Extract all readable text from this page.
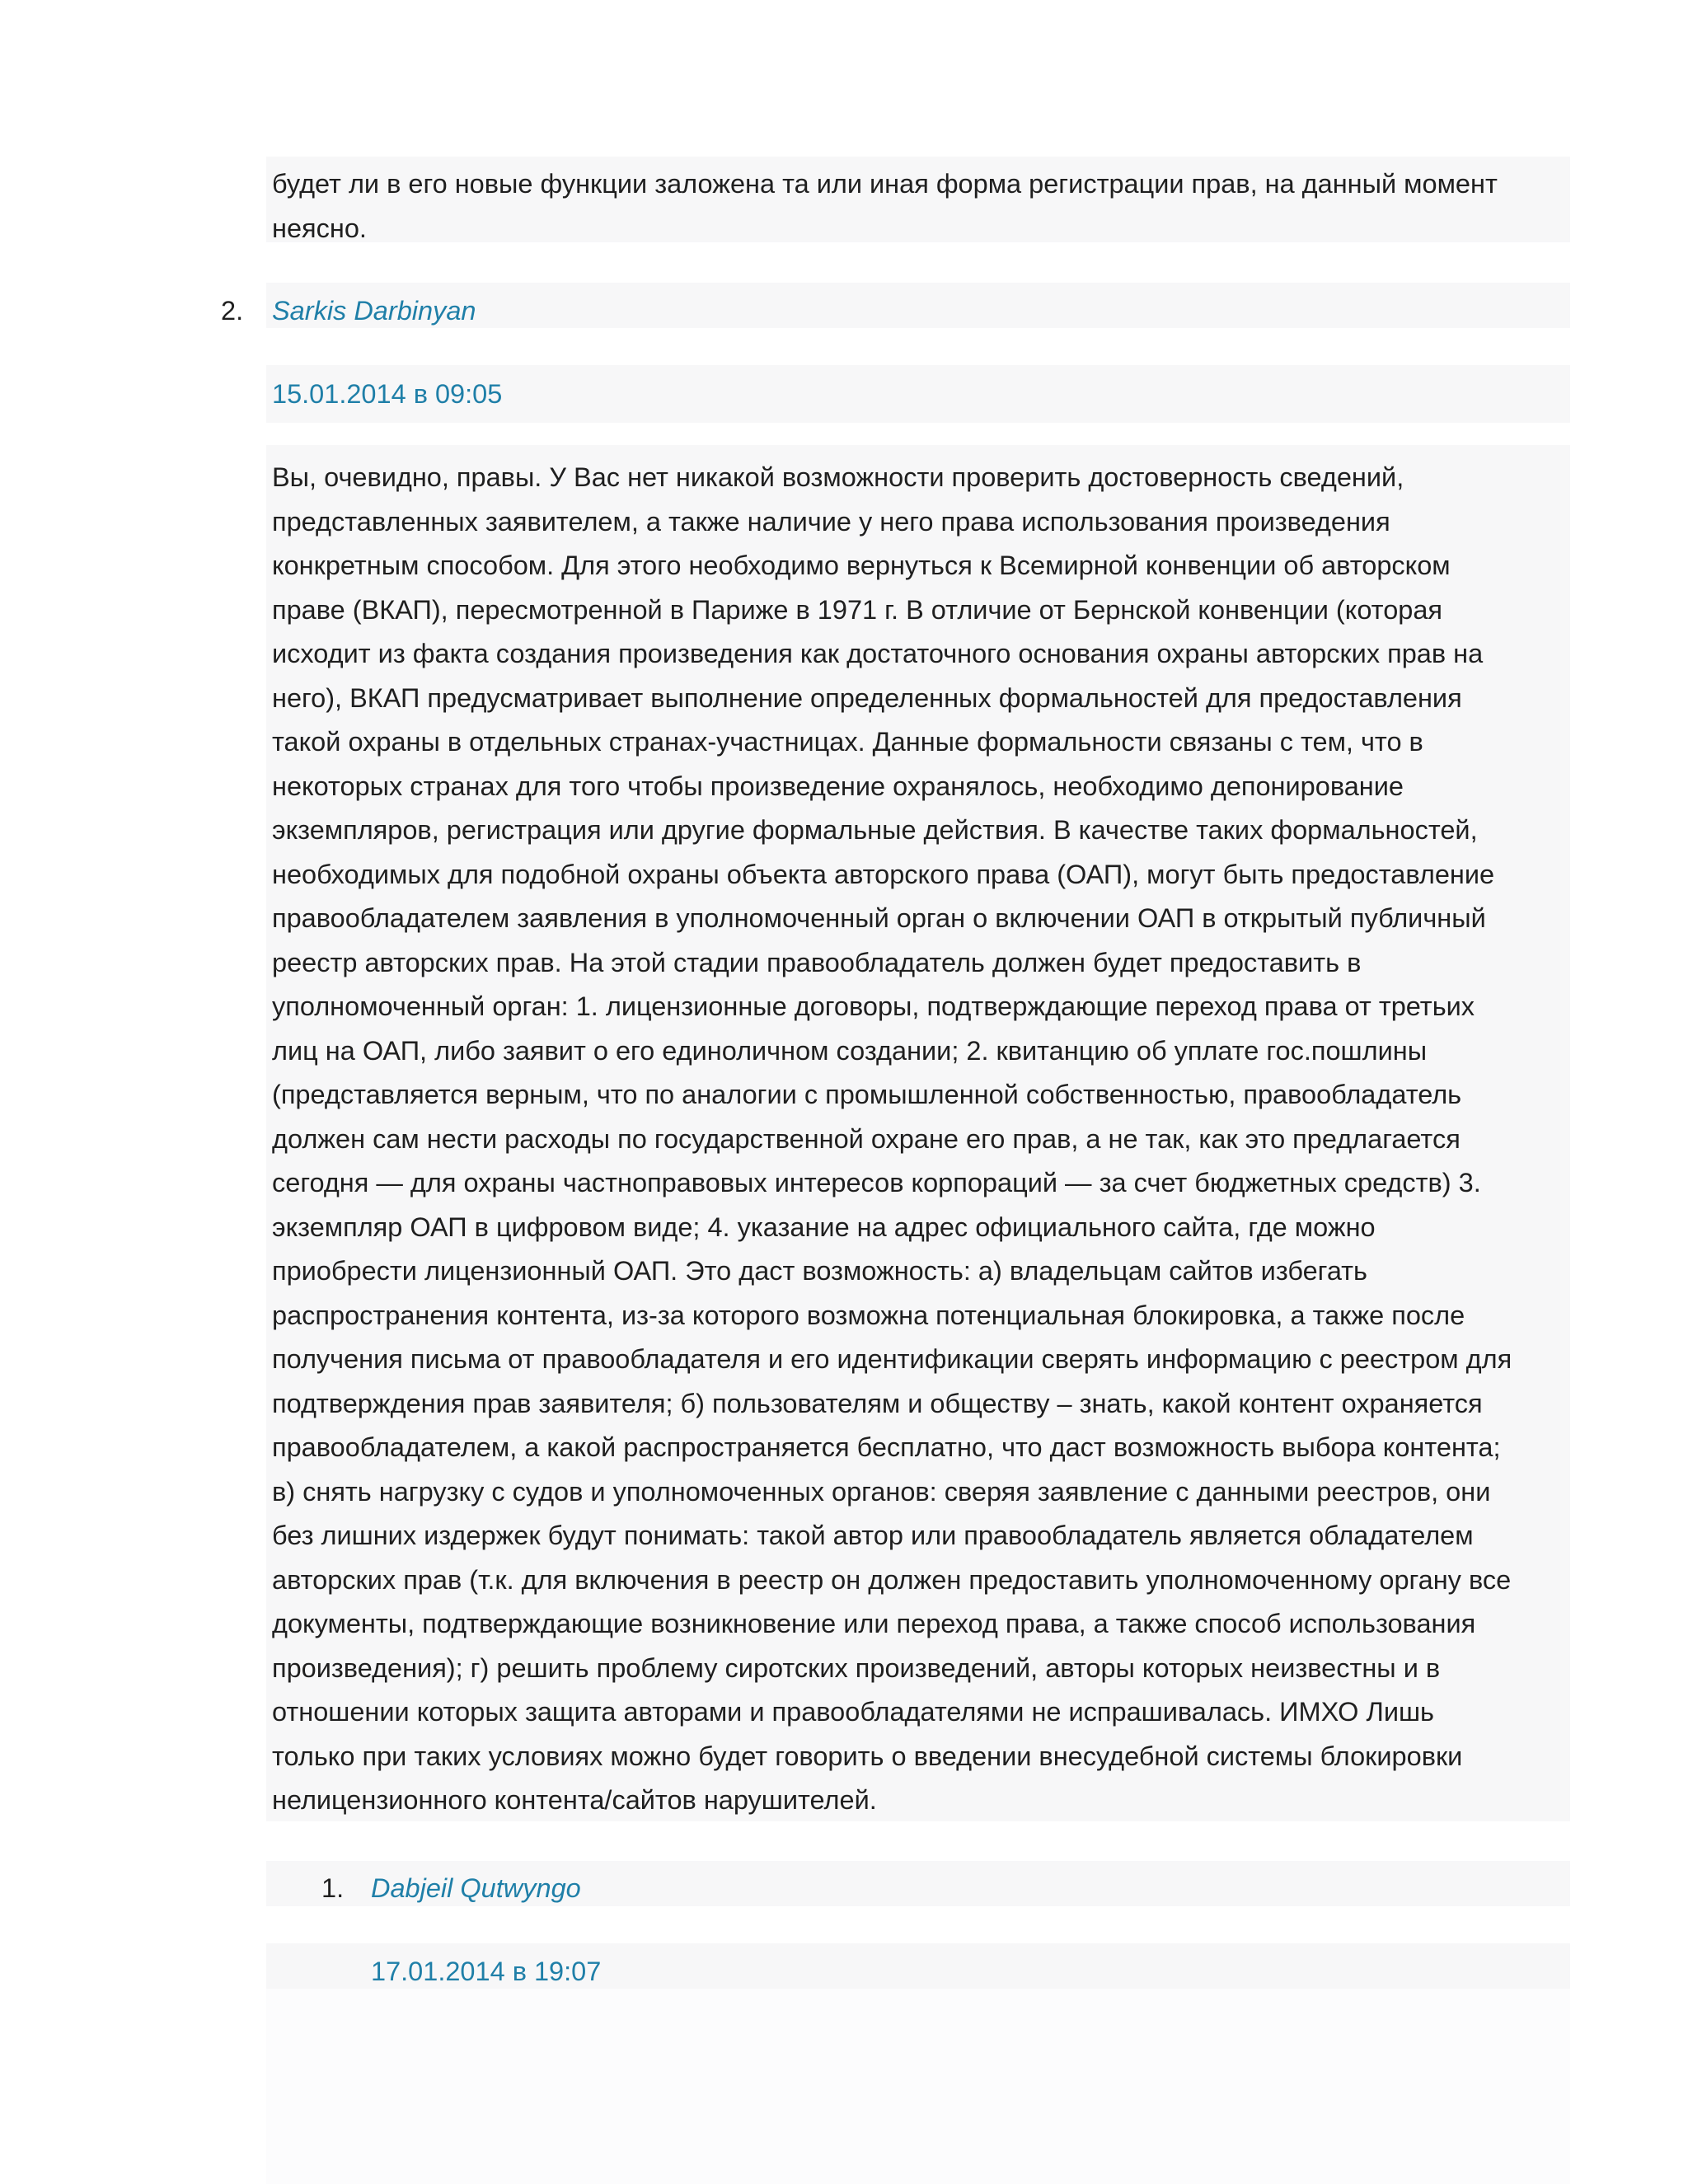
будет ли в его новые функции заложена та или иная форма регистрации прав, на данный момент
неясно.
2. Sarkis Darbinyan
15.01.2014 в 09:05
Вы, очевидно, правы. У Вас нет никакой возможности проверить достоверность сведений,
представленных заявителем, а также наличие у него права использования произведения
конкретным способом. Для этого необходимо вернуться к Всемирной конвенции об авторском
праве (ВКАП), пересмотренной в Париже в 1971 г. В отличие от Бернской конвенции (которая
исходит из факта создания произведения как достаточного основания охраны авторских прав на
него), ВКАП предусматривает выполнение определенных формальностей для предоставления
такой охраны в отдельных странах-участницах. Данные формальности связаны с тем, что в
некоторых странах для того чтобы произведение охранялось, необходимо депонирование
экземпляров, регистрация или другие формальные действия. В качестве таких формальностей,
необходимых для подобной охраны объекта авторского права (ОАП), могут быть предоставление
правообладателем заявления в уполномоченный орган о включении ОАП в открытый публичный
реестр авторских прав. На этой стадии правообладатель должен будет предоставить в
уполномоченный орган: 1. лицензионные договоры, подтверждающие переход права от третьих
лиц на ОАП, либо заявит о его единоличном создании; 2. квитанцию об уплате гос.пошлины
(представляется верным, что по аналогии с промышленной собственностью, правообладатель
должен сам нести расходы по государственной охране его прав, а не так, как это предлагается
сегодня — для охраны частноправовых интересов корпораций — за счет бюджетных средств) 3.
экземпляр ОАП в цифровом виде; 4. указание на адрес официального сайта, где можно
приобрести лицензионный ОАП. Это даст возможность: а) владельцам сайтов избегать
распространения контента, из-за которого возможна потенциальная блокировка, а также после
получения письма от правообладателя и его идентификации сверять информацию с реестром для
подтверждения прав заявителя; б) пользователям и обществу – знать, какой контент охраняется
правообладателем, а какой распространяется бесплатно, что даст возможность выбора контента;
в) снять нагрузку с судов и уполномоченных органов: сверяя заявление с данными реестров, они
без лишних издержек будут понимать: такой автор или правообладатель является обладателем
авторских прав (т.к. для включения в реестр он должен предоставить уполномоченному органу все
документы, подтверждающие возникновение или переход права, а также способ использования
произведения); г) решить проблему сиротских произведений, авторы которых неизвестны и в
отношении которых защита авторами и правообладателями не испрашивалась. ИМХО Лишь
только при таких условиях можно будет говорить о введении внесудебной системы блокировки
нелицензионного контента/сайтов нарушителей.
1. Dabjeil Qutwyngo
17.01.2014 в 19:07
